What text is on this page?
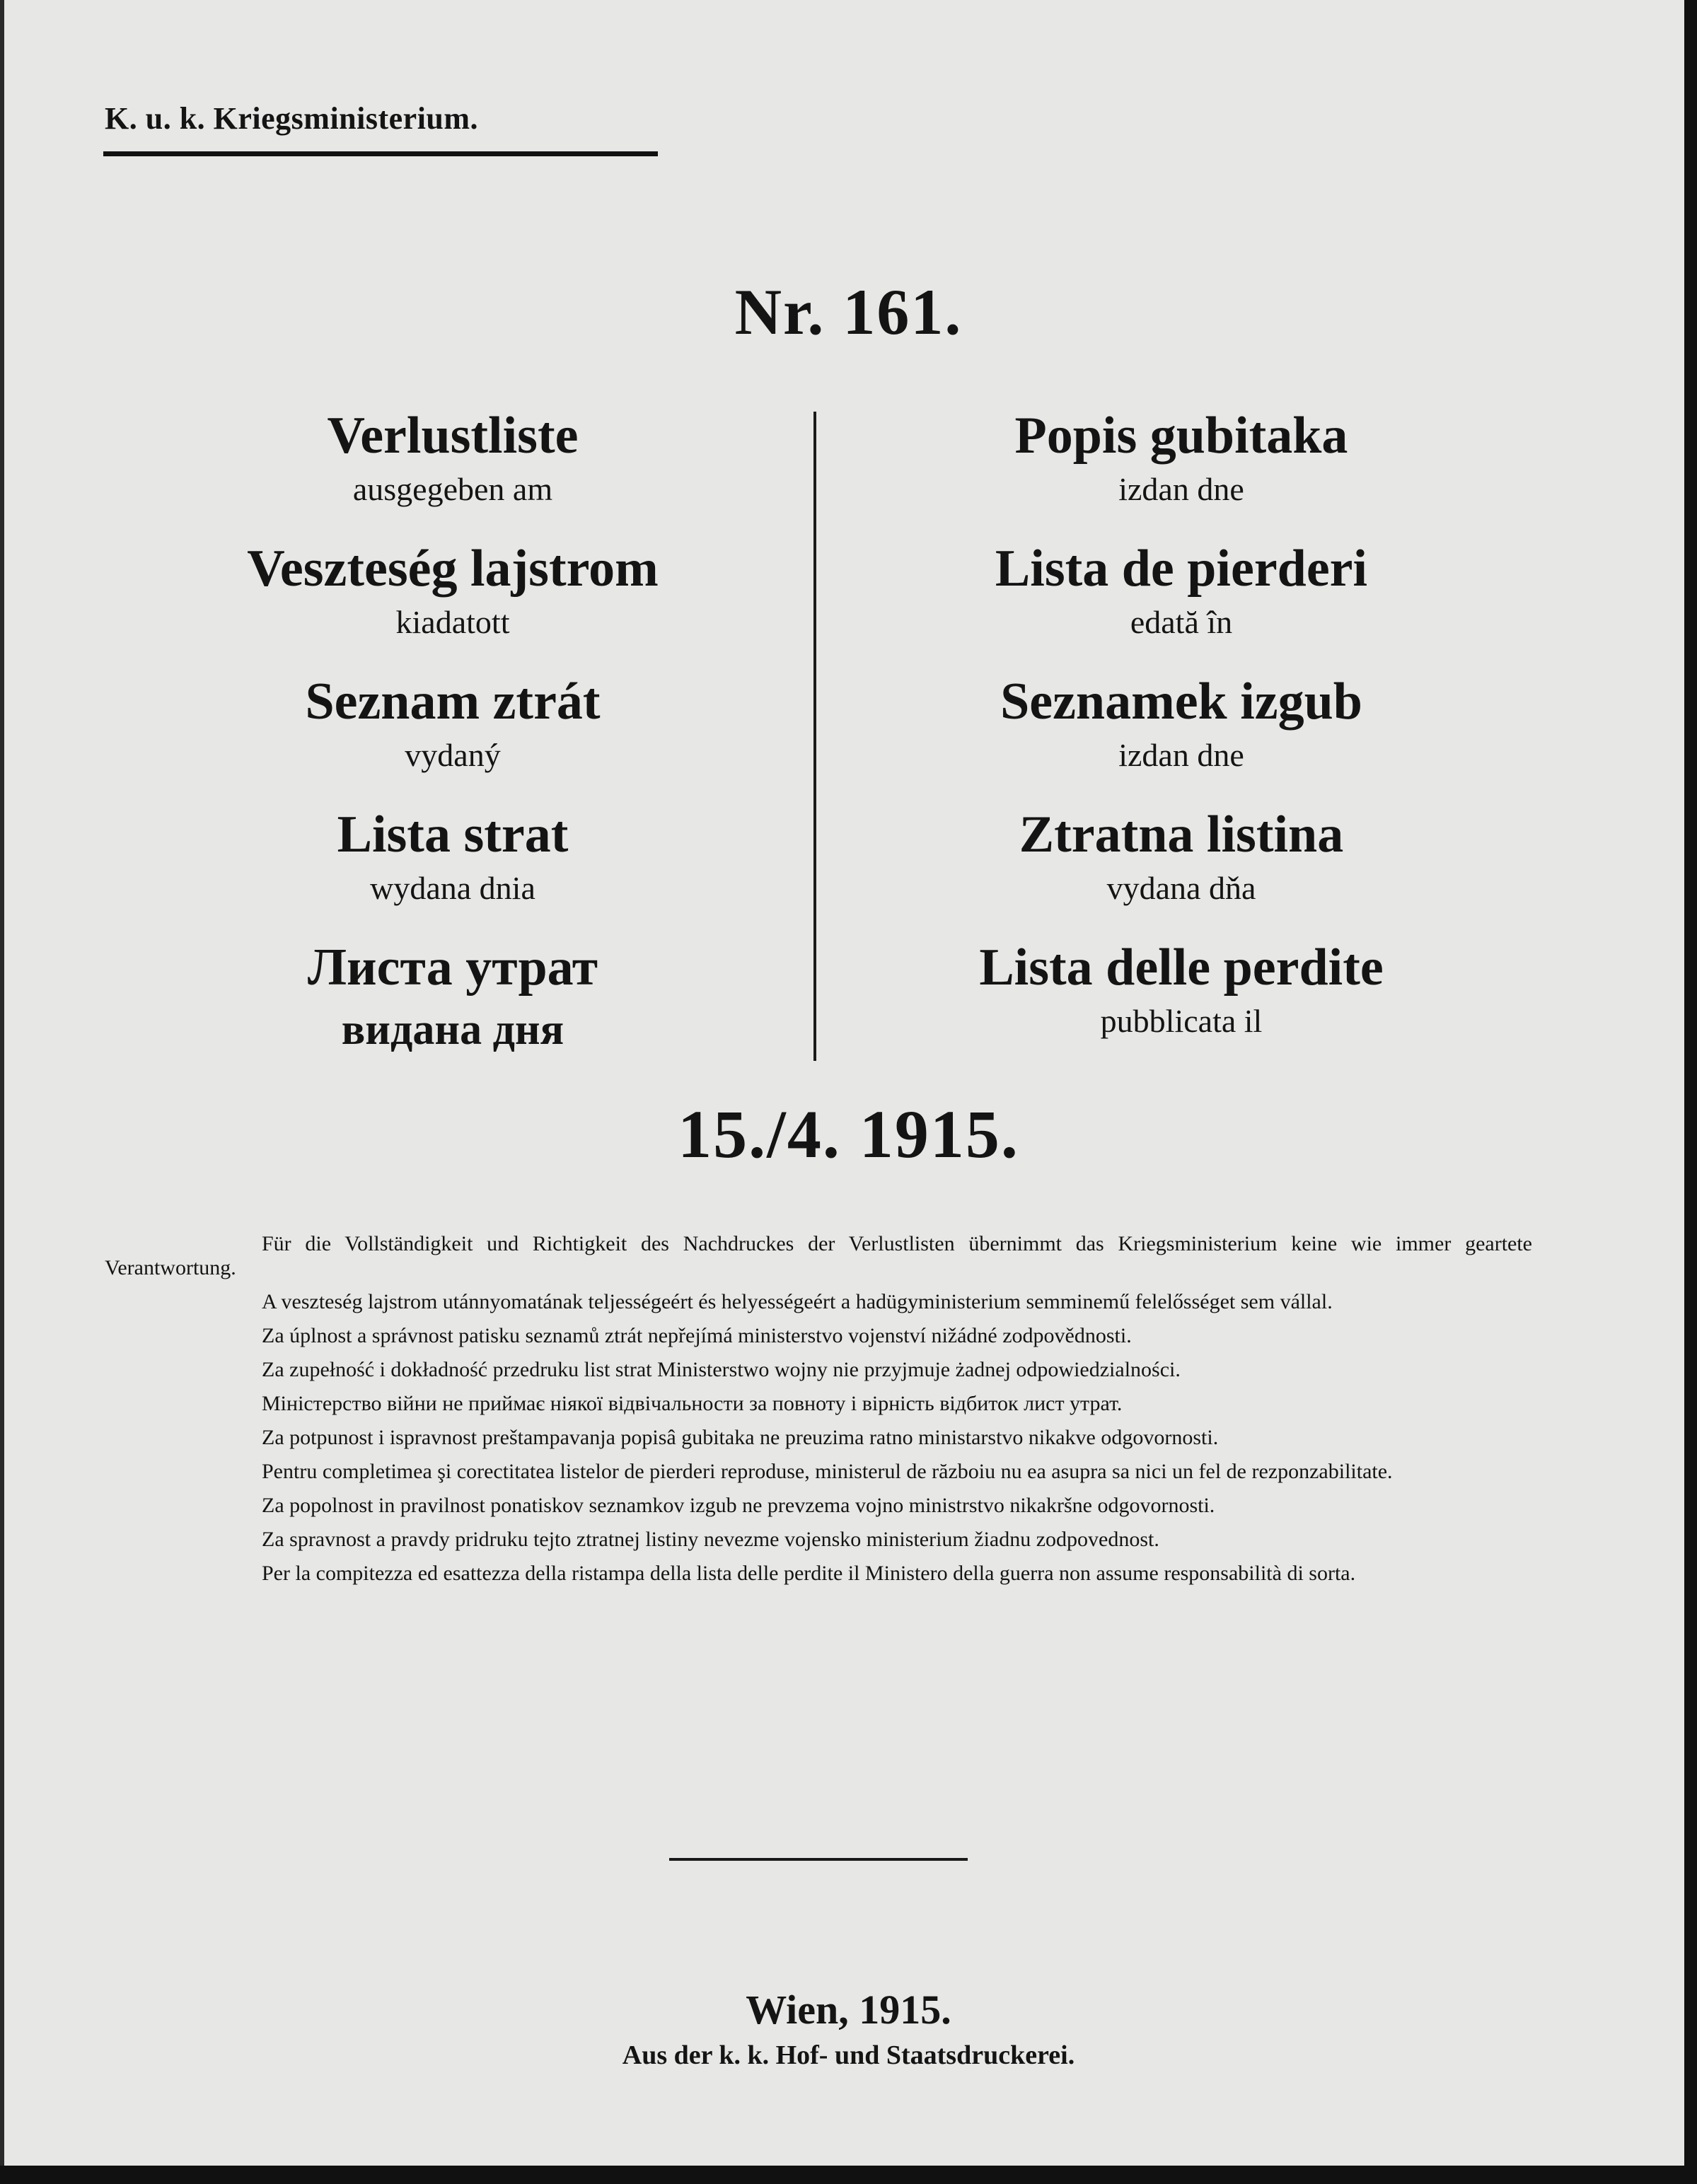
K. u. k. Kriegsministerium.
Nr. 161.
Verlustliste
ausgegeben am
Veszteség lajstrom
kiadatott
Seznam ztrát
vydaný
Lista strat
wydana dnia
Листа утрат
видана дня
Popis gubitaka
izdan dne
Lista de pierderi
edată în
Seznamek izgub
izdan dne
Ztratna listina
vydana dňa
Lista delle perdite
pubblicata il
15./4. 1915.

Für die Vollständigkeit und Richtigkeit des Nachdruckes der Verlustlisten übernimmt das Kriegsministerium keine wie immer geartete Verantwortung.

A veszteség lajstrom utánnyomatának teljességeért és helyességeért a hadügyministerium semminemű felelősséget sem vállal.

Za úplnost a správnost patisku seznamů ztrát nepřejímá ministerstvo vojenství nižádné zodpovědnosti.

Za zupełność i dokładność przedruku list strat Ministerstwo wojny nie przyjmuje żadnej odpowiedzialności.

Міністерство війни не приймає ніякої відвічальности за повноту і вірність відбиток лист утрат.

Za potpunost i ispravnost preštampavanja popisâ gubitaka ne preuzima ratno ministarstvo nikakve odgovornosti.

Pentru completimea şi corectitatea listelor de pierderi reproduse, ministerul de războiu nu ea asupra sa nici un fel de rezponzabilitate.

Za popolnost in pravilnost ponatiskov seznamkov izgub ne prevzema vojno ministrstvo nikakršne odgovornosti.

Za spravnost a pravdy pridruku tejto ztratnej listiny nevezme vojensko ministerium žiadnu zodpovednost.

Per la compitezza ed esattezza della ristampa della lista delle perdite il Ministero della guerra non assume responsabilità di sorta.

Wien, 1915.
Aus der k. k. Hof- und Staatsdruckerei.
